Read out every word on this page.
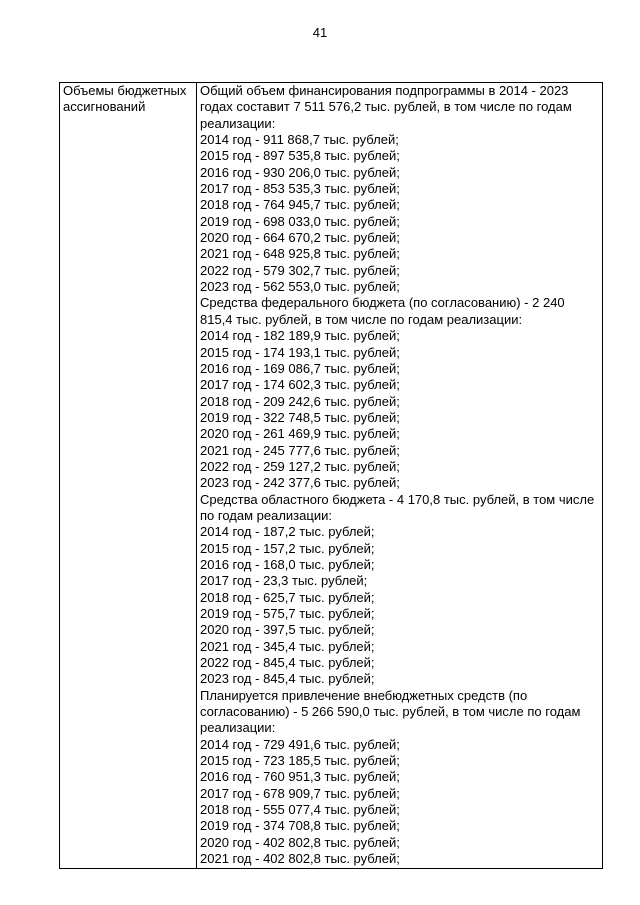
41
Объемы бюджетных ассигнований	
Общий объем финансирования подпрограммы в 2014 - 2023 годах составит 7 511 576,2 тыс. рублей, в том числе по годам реализации:
2014 год - 911 868,7 тыс. рублей;
2015 год - 897 535,8 тыс. рублей;
2016 год - 930 206,0 тыс. рублей;
2017 год - 853 535,3 тыс. рублей;
2018 год - 764 945,7 тыс. рублей;
2019 год - 698 033,0 тыс. рублей;
2020 год - 664 670,2 тыс. рублей;
2021 год - 648 925,8 тыс. рублей;
2022 год - 579 302,7 тыс. рублей;
2023 год - 562 553,0 тыс. рублей;
Средства федерального бюджета (по согласованию) - 2 240 815,4 тыс. рублей, в том числе по годам реализации:
2014 год - 182 189,9 тыс. рублей;
2015 год - 174 193,1 тыс. рублей;
2016 год - 169 086,7 тыс. рублей;
2017 год - 174 602,3 тыс. рублей;
2018 год - 209 242,6 тыс. рублей;
2019 год - 322 748,5 тыс. рублей;
2020 год - 261 469,9 тыс. рублей;
2021 год - 245 777,6 тыс. рублей;
2022 год - 259 127,2 тыс. рублей;
2023 год - 242 377,6 тыс. рублей;
Средства областного бюджета - 4 170,8 тыс. рублей, в том числе по годам реализации:
2014 год - 187,2 тыс. рублей;
2015 год - 157,2 тыс. рублей;
2016 год - 168,0 тыс. рублей;
2017 год - 23,3 тыс. рублей;
2018 год - 625,7 тыс. рублей;
2019 год - 575,7 тыс. рублей;
2020 год - 397,5 тыс. рублей;
2021 год - 345,4 тыс. рублей;
2022 год - 845,4 тыс. рублей;
2023 год - 845,4 тыс. рублей;
Планируется привлечение внебюджетных средств (по согласованию) - 5 266 590,0 тыс. рублей, в том числе по годам реализации:
2014 год - 729 491,6 тыс. рублей;
2015 год - 723 185,5 тыс. рублей;
2016 год - 760 951,3 тыс. рублей;
2017 год - 678 909,7 тыс. рублей;
2018 год - 555 077,4 тыс. рублей;
2019 год - 374 708,8 тыс. рублей;
2020 год - 402 802,8 тыс. рублей;
2021 год - 402 802,8 тыс. рублей;
